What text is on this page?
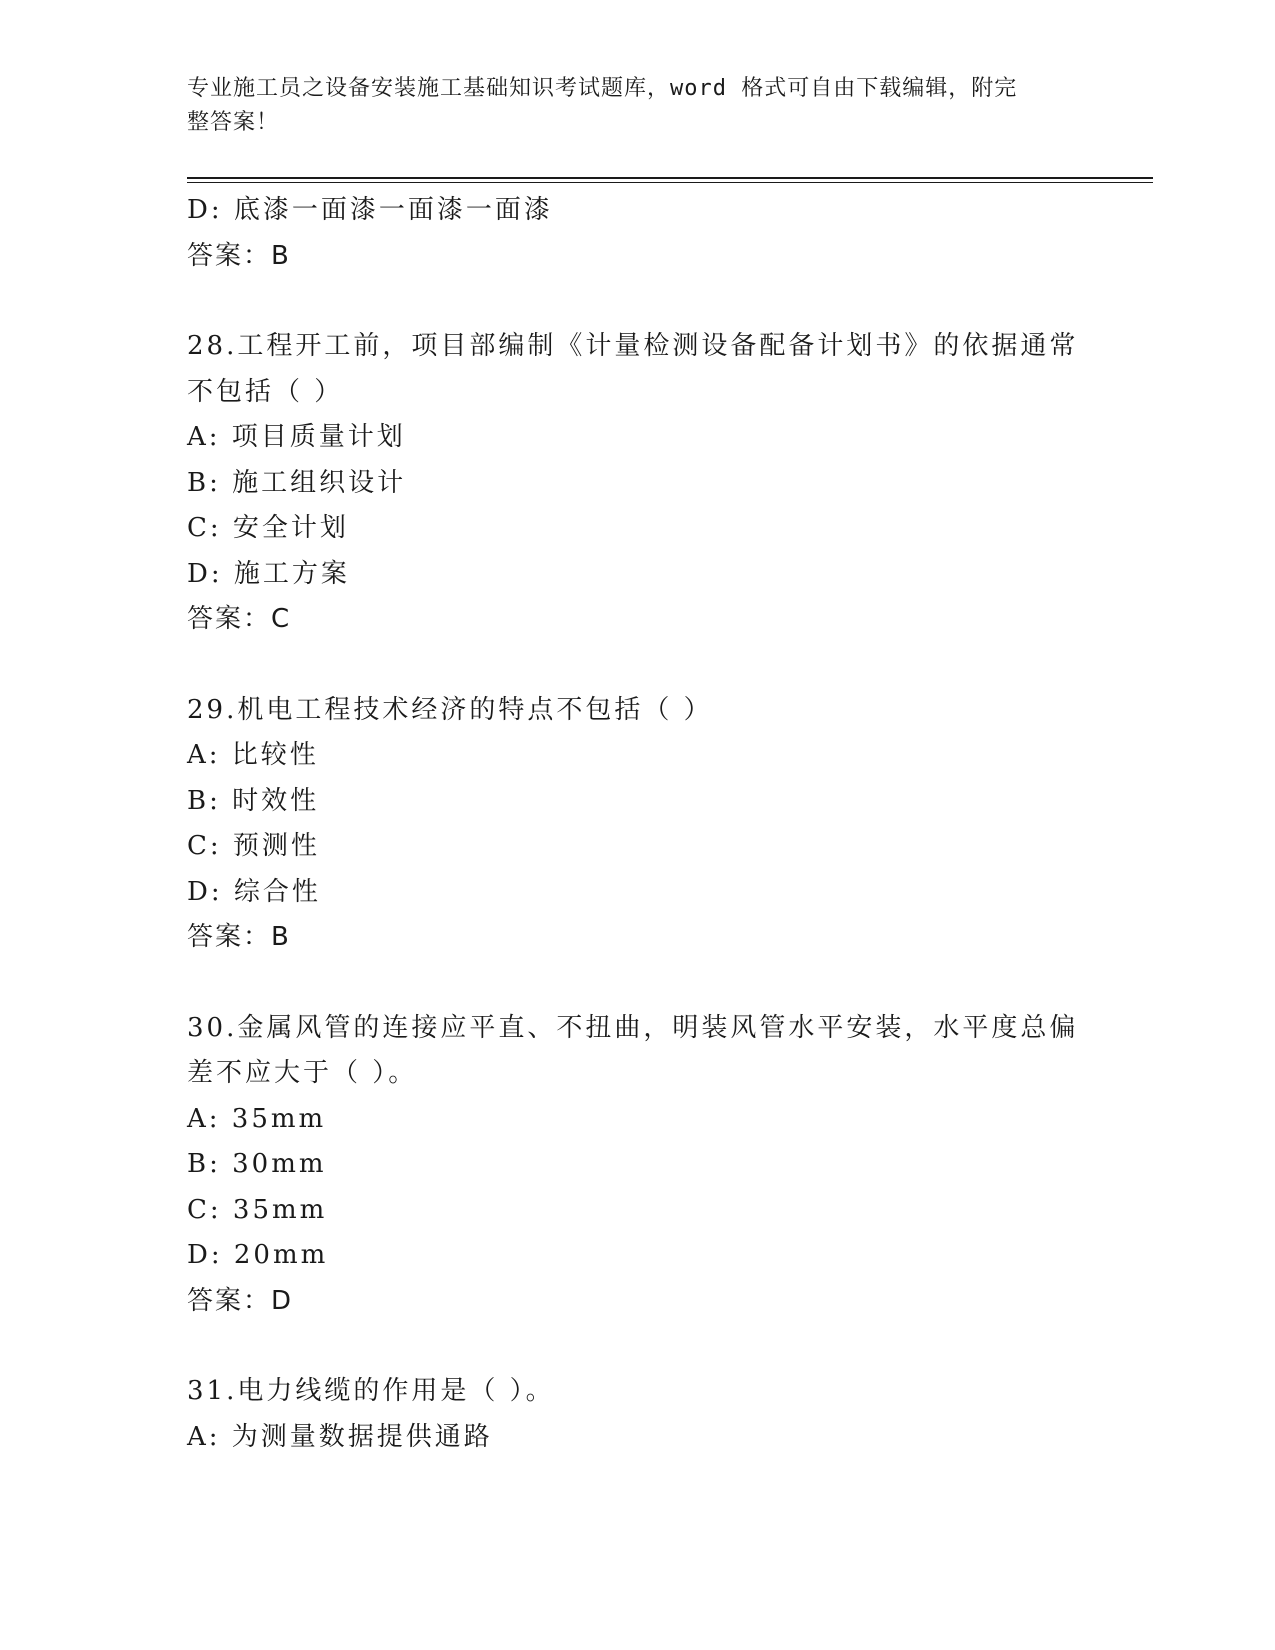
专业施工员之设备安装施工基础知识考试题库，word 格式可自由下载编辑，附完
整答案！
D: 底漆一面漆一面漆一面漆
答案：B
28.工程开工前，项目部编制《计量检测设备配备计划书》的依据通常
不包括（ ）
A: 项目质量计划
B: 施工组织设计
C: 安全计划
D: 施工方案
答案：C
29.机电工程技术经济的特点不包括（ ）
A: 比较性
B: 时效性
C: 预测性
D: 综合性
答案：B
30.金属风管的连接应平直、不扭曲，明装风管水平安装，水平度总偏
差不应大于（ ）。
A: 35mm
B: 30mm
C: 35mm
D: 20mm
答案：D
31.电力线缆的作用是（ ）。
A: 为测量数据提供通路
